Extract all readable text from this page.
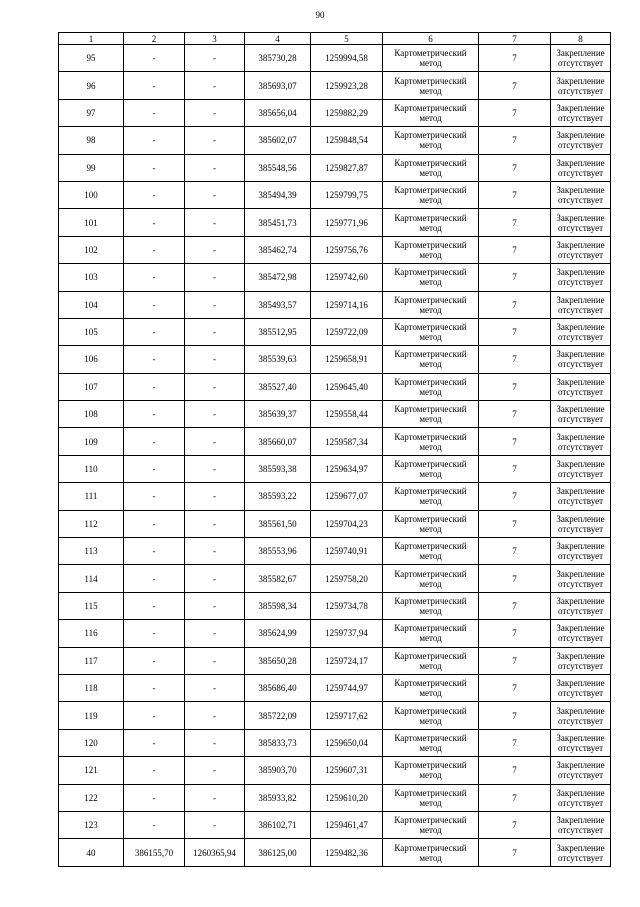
90
1	2	3	4	5	6	7	8
95	-	-	385730,28	1259994,58	Картометрический метод	7	Закрепление отсутствует
96	-	-	385693,07	1259923,28	Картометрический метод	7	Закрепление отсутствует
97	-	-	385656,04	1259882,29	Картометрический метод	7	Закрепление отсутствует
98	-	-	385602,07	1259848,54	Картометрический метод	7	Закрепление отсутствует
99	-	-	385548,56	1259827,87	Картометрический метод	7	Закрепление отсутствует
100	-	-	385494,39	1259799,75	Картометрический метод	7	Закрепление отсутствует
101	-	-	385451,73	1259771,96	Картометрический метод	7	Закрепление отсутствует
102	-	-	385462,74	1259756,76	Картометрический метод	7	Закрепление отсутствует
103	-	-	385472,98	1259742,60	Картометрический метод	7	Закрепление отсутствует
104	-	-	385493,57	1259714,16	Картометрический метод	7	Закрепление отсутствует
105	-	-	385512,95	1259722,09	Картометрический метод	7	Закрепление отсутствует
106	-	-	385539,63	1259658,91	Картометрический метод	7	Закрепление отсутствует
107	-	-	385527,40	1259645,40	Картометрический метод	7	Закрепление отсутствует
108	-	-	385639,37	1259558,44	Картометрический метод	7	Закрепление отсутствует
109	-	-	385660,07	1259587,34	Картометрический метод	7	Закрепление отсутствует
110	-	-	385593,38	1259634,97	Картометрический метод	7	Закрепление отсутствует
111	-	-	385593,22	1259677,07	Картометрический метод	7	Закрепление отсутствует
112	-	-	385561,50	1259704,23	Картометрический метод	7	Закрепление отсутствует
113	-	-	385553,96	1259740,91	Картометрический метод	7	Закрепление отсутствует
114	-	-	385582,67	1259758,20	Картометрический метод	7	Закрепление отсутствует
115	-	-	385598,34	1259734,78	Картометрический метод	7	Закрепление отсутствует
116	-	-	385624,99	1259737,94	Картометрический метод	7	Закрепление отсутствует
117	-	-	385650,28	1259724,17	Картометрический метод	7	Закрепление отсутствует
118	-	-	385686,40	1259744,97	Картометрический метод	7	Закрепление отсутствует
119	-	-	385722,09	1259717,62	Картометрический метод	7	Закрепление отсутствует
120	-	-	385833,73	1259650,04	Картометрический метод	7	Закрепление отсутствует
121	-	-	385903,70	1259607,31	Картометрический метод	7	Закрепление отсутствует
122	-	-	385933,82	1259610,20	Картометрический метод	7	Закрепление отсутствует
123	-	-	386102,71	1259461,47	Картометрический метод	7	Закрепление отсутствует
40	386155,70	1260365,94	386125,00	1259482,36	Картометрический метод	7	Закрепление отсутствует
